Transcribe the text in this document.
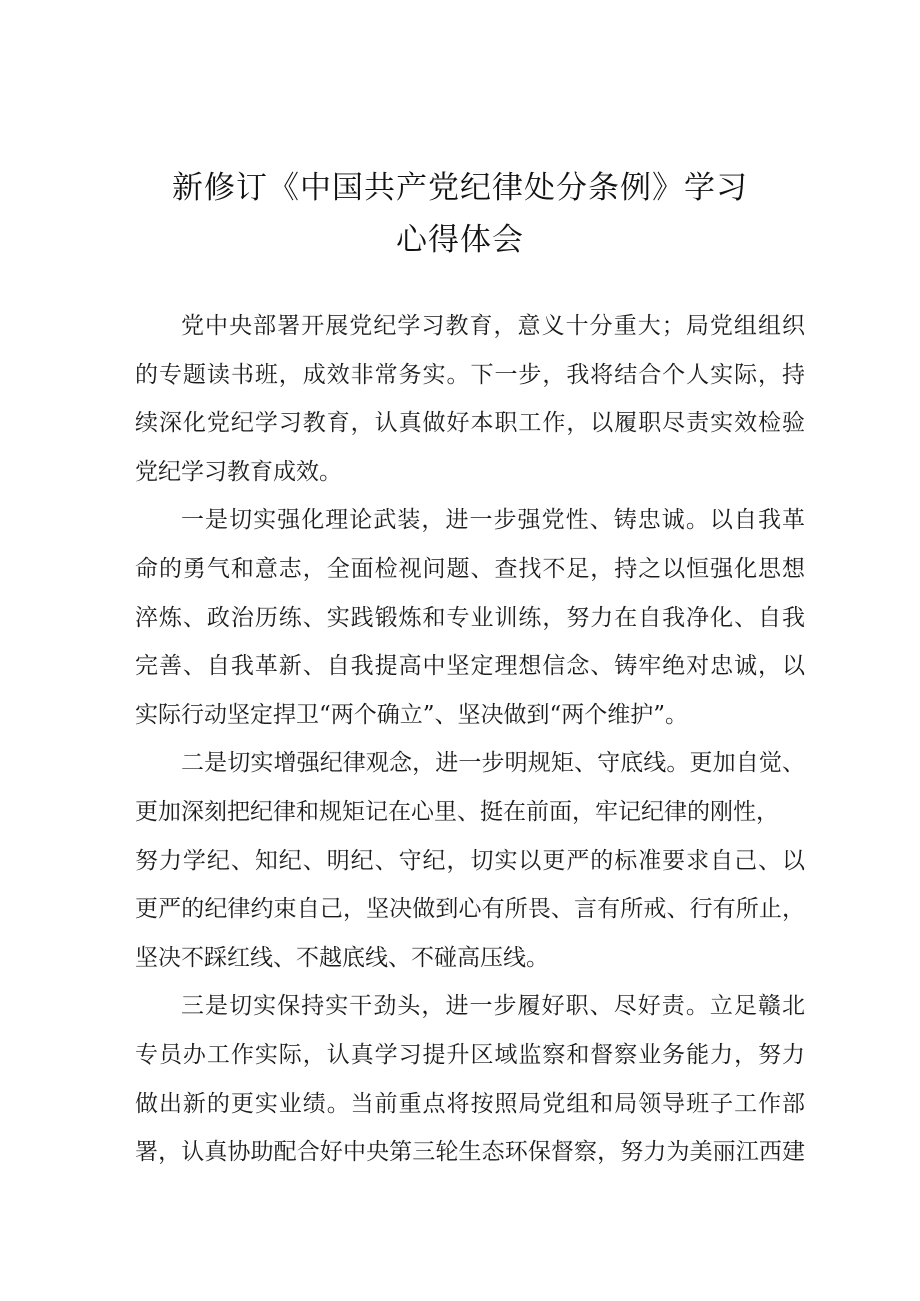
新修订《中国共产党纪律处分条例》学习
心得体会
党中央部署开展党纪学习教育，意义十分重大；局党组组织
的专题读书班，成效非常务实。下一步，我将结合个人实际，持
续深化党纪学习教育，认真做好本职工作，以履职尽责实效检验
党纪学习教育成效。
一是切实强化理论武装，进一步强党性、铸忠诚。以自我革
命的勇气和意志，全面检视问题、查找不足，持之以恒强化思想
淬炼、政治历练、实践锻炼和专业训练，努力在自我净化、自我
完善、自我革新、自我提高中坚定理想信念、铸牢绝对忠诚，以
实际行动坚定捍卫“两个确立”、坚决做到“两个维护”。
二是切实增强纪律观念，进一步明规矩、守底线。更加自觉、
更加深刻把纪律和规矩记在心里、挺在前面，牢记纪律的刚性，
努力学纪、知纪、明纪、守纪，切实以更严的标准要求自己、以
更严的纪律约束自己，坚决做到心有所畏、言有所戒、行有所止，
坚决不踩红线、不越底线、不碰高压线。
三是切实保持实干劲头，进一步履好职、尽好责。立足赣北
专员办工作实际，认真学习提升区域监察和督察业务能力，努力
做出新的更实业绩。当前重点将按照局党组和局领导班子工作部
署，认真协助配合好中央第三轮生态环保督察，努力为美丽江西建
